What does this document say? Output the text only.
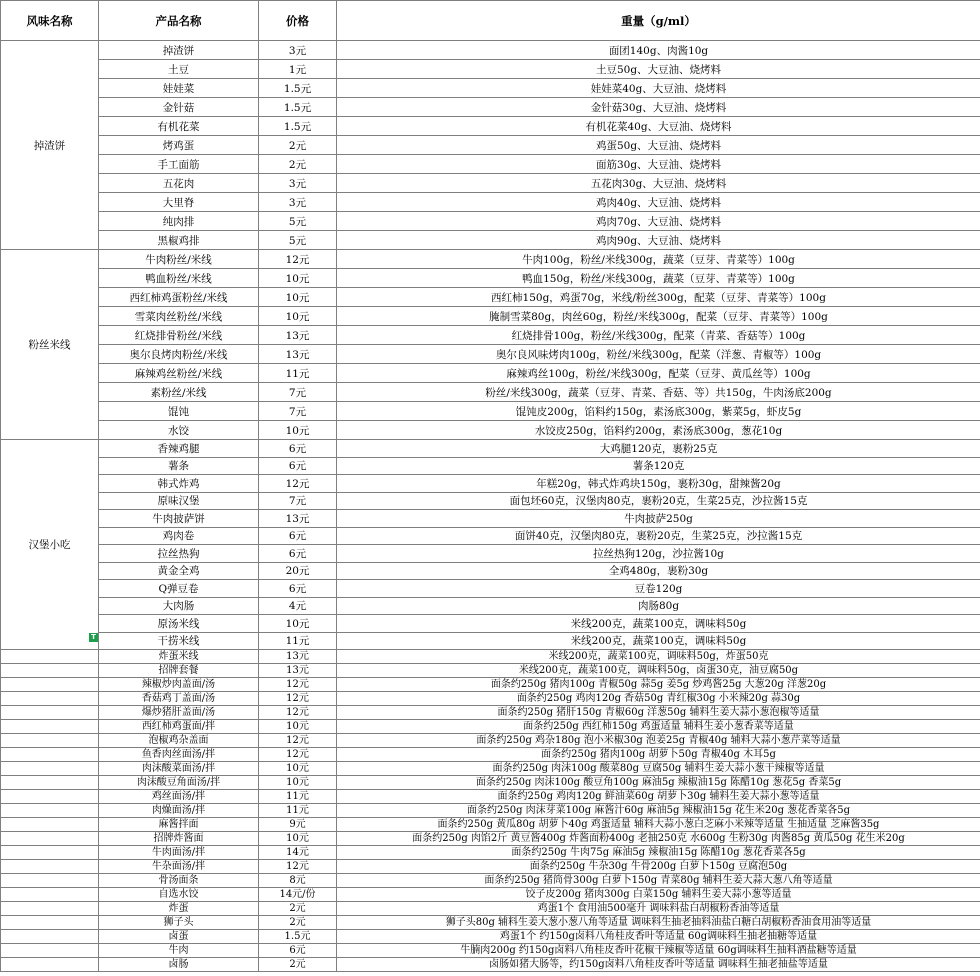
风味名称	产品名称	价格	重量（g/ml）
掉渣饼	掉渣饼	3元	面团140g、肉酱10g
	土豆	1元	土豆50g、大豆油、烧烤料
	娃娃菜	1.5元	娃娃菜40g、大豆油、烧烤料
	金针菇	1.5元	金针菇30g、大豆油、烧烤料
	有机花菜	1.5元	有机花菜40g、大豆油、烧烤料
	烤鸡蛋	2元	鸡蛋50g、大豆油、烧烤料
	手工面筋	2元	面筋30g、大豆油、烧烤料
	五花肉	3元	五花肉30g、大豆油、烧烤料
	大里脊	3元	鸡肉40g、大豆油、烧烤料
	纯肉排	5元	鸡肉70g、大豆油、烧烤料
	黑椒鸡排	5元	鸡肉90g、大豆油、烧烤料
粉丝米线	牛肉粉丝/米线	12元	牛肉100g，粉丝/米线300g，蔬菜（豆芽、青菜等）100g
	鸭血粉丝/米线	10元	鸭血150g，粉丝/米线300g，蔬菜（豆芽、青菜等）100g
	西红柿鸡蛋粉丝/米线	10元	西红柿150g，鸡蛋70g，米线/粉丝300g，配菜（豆芽、青菜等）100g
	雪菜肉丝粉丝/米线	10元	腌制雪菜80g，肉丝60g，粉丝/米线300g，配菜（豆芽、青菜等）100g
	红烧排骨粉丝/米线	13元	红烧排骨100g，粉丝/米线300g，配菜（青菜、香菇等）100g
	奥尔良烤肉粉丝/米线	13元	奥尔良风味烤肉100g，粉丝/米线300g，配菜（洋葱、青椒等）100g
	麻辣鸡丝粉丝/米线	11元	麻辣鸡丝100g，粉丝/米线300g，配菜（豆芽、黄瓜丝等）100g
	素粉丝/米线	7元	粉丝/米线300g，蔬菜（豆芽、青菜、香菇、等）共150g，牛肉汤底200g
	馄饨	7元	馄饨皮200g，馅料约150g，素汤底300g，紫菜5g，虾皮5g
	水饺	10元	水饺皮250g，馅料约200g，素汤底300g，葱花10g
汉堡小吃	香辣鸡腿	6元	大鸡腿120克，裹粉25克
	薯条	6元	薯条120克
	韩式炸鸡	12元	年糕20g，韩式炸鸡块150g，裹粉30g，甜辣酱20g
	原味汉堡	7元	面包坯60克，汉堡肉80克，裹粉20克，生菜25克，沙拉酱15克
	牛肉披萨饼	13元	牛肉披萨250g
	鸡肉卷	6元	面饼40克，汉堡肉80克，裹粉20克，生菜25克，沙拉酱15克
	拉丝热狗	6元	拉丝热狗120g，沙拉酱10g
	黄金全鸡	20元	全鸡480g，裹粉30g
	Q弹豆卷	6元	豆卷120g
	大肉肠	4元	肉肠80g
	原汤米线	10元	米线200克，蔬菜100克，调味料50g
	干捞米线	11元	米线200克，蔬菜100克，调味料50g
	炸蛋米线	13元	米线200克，蔬菜100克，调味料50g，炸蛋50克
	招牌套餐	13元	米线200克，蔬菜100克，调味料50g，卤蛋30克，油豆腐50g
	辣椒炒肉盖面/汤	12元	面条约250g 猪肉100g 青椒50g 蒜5g 姜5g 炒鸡酱25g 大葱20g 洋葱20g
	香菇鸡丁盖面/汤	12元	面条约250g 鸡肉120g 香菇50g 青红椒30g 小米辣20g 蒜30g
	爆炒猪肝盖面/汤	12元	面条约250g 猪肝150g 青椒60g 洋葱50g 辅料生姜大蒜小葱泡椒等适量
	西红柿鸡蛋面/拌	10元	面条约250g 西红柿150g 鸡蛋适量 辅料生姜小葱香菜等适量
	泡椒鸡杂盖面	12元	面条约250g 鸡杂180g 泡小米椒30g 泡姜25g 青椒40g 辅料大蒜小葱芹菜等适量
	鱼香肉丝面汤/拌	12元	面条约250g 猪肉100g 胡萝卜50g 青椒40g 木耳5g
	肉沫酸菜面汤/拌	10元	面条约250g 肉沫100g 酸菜80g 豆腐50g 辅料生姜大蒜小葱干辣椒等适量
	肉沫酸豆角面汤/拌	10元	面条约250g 肉沫100g 酸豆角100g 麻油5g 辣椒油15g 陈醋10g 葱花5g 香菜5g
	鸡丝面汤/拌	11元	面条约250g 鸡肉120g 鲜油菜60g 胡萝卜30g 辅料生姜大蒜小葱等适量
	肉燥面汤/拌	11元	面条约250g 肉沫芽菜100g 麻酱汁60g 麻油5g 辣椒油15g 花生米20g 葱花香菜各5g
	麻酱拌面	9元	面条约250g 黄瓜80g 胡萝卜40g 鸡蛋适量 辅料大蒜小葱白芝麻小米辣等适量 生抽适量 芝麻酱35g
	招牌炸酱面	10元	面条约250g 肉馅2斤 黄豆酱400g 炸酱面粉400g 老抽250克 水600g 生粉30g 肉酱85g 黄瓜50g 花生米20g
	牛肉面汤/拌	14元	面条约250g 牛肉75g 麻油5g 辣椒油15g 陈醋10g 葱花香菜各5g
	牛杂面汤/拌	12元	面条约250g 牛杂30g 牛骨200g 白萝卜150g 豆腐泡50g
	骨汤面条	8元	面条约250g 猪筒骨300g 白萝卜150g 青菜80g 辅料生姜大蒜大葱八角等适量
	自选水饺	14元/份	饺子皮200g 猪肉300g 白菜150g 辅料生姜大蒜小葱等适量
	炸蛋	2元	鸡蛋1个 食用油500毫升 调味料盐白胡椒粉香油等适量
	狮子头	2元	狮子头80g 辅料生姜大葱小葱八角等适量 调味料生抽老抽料油盐白糖白胡椒粉香油食用油等适量
	卤蛋	1.5元	鸡蛋1个 约150g卤料八角桂皮香叶等适量 60g调味料生抽老抽糖等适量
	牛肉	6元	牛腩肉200g 约150g卤料八角桂皮香叶花椒干辣椒等适量 60g调味料生抽料酒盐糖等适量
	卤肠	2元	卤肠如猪大肠等，约150g卤料八角桂皮香叶等适量 调味料生抽老抽盐等适量
T
